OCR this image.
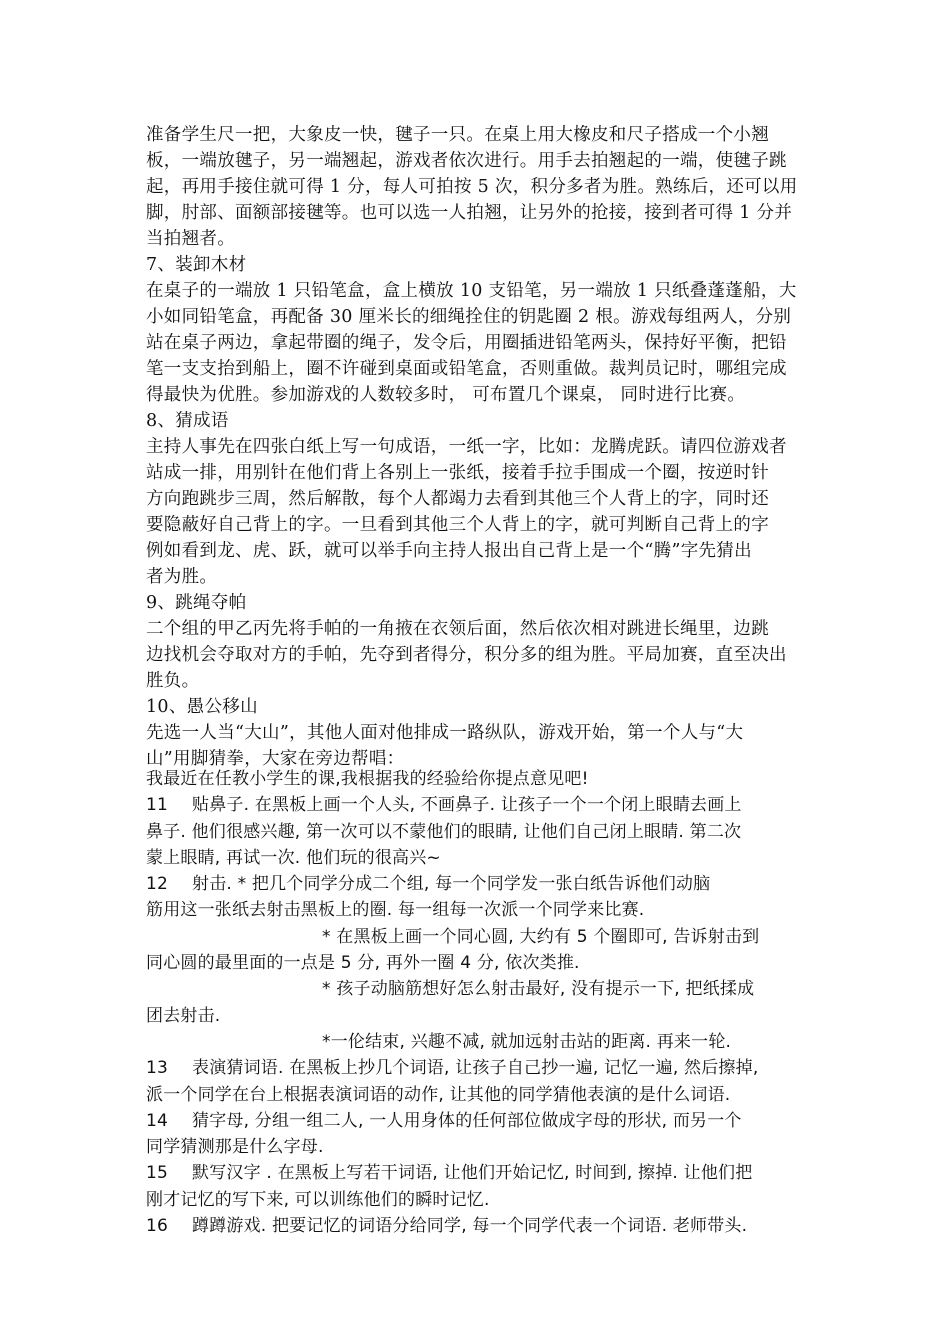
准备学生尺一把，大象皮一快，毽子一只。在桌上用大橡皮和尺子搭成一个小翘
板，一端放毽子，另一端翘起，游戏者依次进行。用手去拍翘起的一端，使毽子跳
起，再用手接住就可得 1 分，每人可拍按 5 次，积分多者为胜。熟练后，还可以用
脚，肘部、面额部接毽等。也可以选一人拍翘，让另外的抢接，接到者可得 1 分并
当拍翘者。
7、装卸木材
在桌子的一端放 1 只铅笔盒，盒上横放 10 支铅笔，另一端放 1 只纸叠蓬蓬船，大
小如同铅笔盒，再配备 30 厘米长的细绳拴住的钥匙圈 2 根。游戏每组两人，分别
站在桌子两边，拿起带圈的绳子，发令后，用圈插进铅笔两头，保持好平衡，把铅
笔一支支抬到船上，圈不许碰到桌面或铅笔盒，否则重做。裁判员记时，哪组完成
得最快为优胜。参加游戏的人数较多时， 可布置几个课桌， 同时进行比赛。
8、猜成语
主持人事先在四张白纸上写一句成语，一纸一字，比如：龙腾虎跃。请四位游戏者
站成一排，用别针在他们背上各别上一张纸，接着手拉手围成一个圈，按逆时针
方向跑跳步三周，然后解散，每个人都竭力去看到其他三个人背上的字，同时还
要隐蔽好自己背上的字。一旦看到其他三个人背上的字，就可判断自己背上的字
例如看到龙、虎、跃，就可以举手向主持人报出自己背上是一个“腾”字先猜出
者为胜。
9、跳绳夺帕
二个组的甲乙丙先将手帕的一角掖在衣领后面，然后依次相对跳进长绳里，边跳
边找机会夺取对方的手帕，先夺到者得分，积分多的组为胜。平局加赛，直至决出
胜负。
10、愚公移山
先选一人当“大山”，其他人面对他排成一路纵队，游戏开始，第一个人与“大
山”用脚猜拳，大家在旁边帮唱：
我最近在任教小学生的课,我根据我的经验给你提点意见吧!
11 贴鼻子. 在黑板上画一个人头, 不画鼻子. 让孩子一个一个闭上眼睛去画上
鼻子. 他们很感兴趣, 第一次可以不蒙他们的眼睛, 让他们自己闭上眼睛. 第二次
蒙上眼睛, 再试一次. 他们玩的很高兴~
12 射击. * 把几个同学分成二个组, 每一个同学发一张白纸告诉他们动脑
筋用这一张纸去射击黑板上的圈. 每一组每一次派一个同学来比赛.
* 在黑板上画一个同心圆, 大约有 5 个圈即可, 告诉射击到
同心圆的最里面的一点是 5 分, 再外一圈 4 分, 依次类推.
* 孩子动脑筋想好怎么射击最好, 没有提示一下, 把纸揉成
团去射击.
*一伦结束, 兴趣不减, 就加远射击站的距离. 再来一轮.
13 表演猜词语. 在黑板上抄几个词语, 让孩子自己抄一遍, 记忆一遍, 然后擦掉,
派一个同学在台上根据表演词语的动作, 让其他的同学猜他表演的是什么词语.
14 猜字母, 分组一组二人, 一人用身体的任何部位做成字母的形状, 而另一个
同学猜测那是什么字母.
15 默写汉字 . 在黑板上写若干词语, 让他们开始记忆, 时间到, 擦掉. 让他们把
刚才记忆的写下来, 可以训练他们的瞬时记忆.
16 蹲蹲游戏. 把要记忆的词语分给同学, 每一个同学代表一个词语. 老师带头.
